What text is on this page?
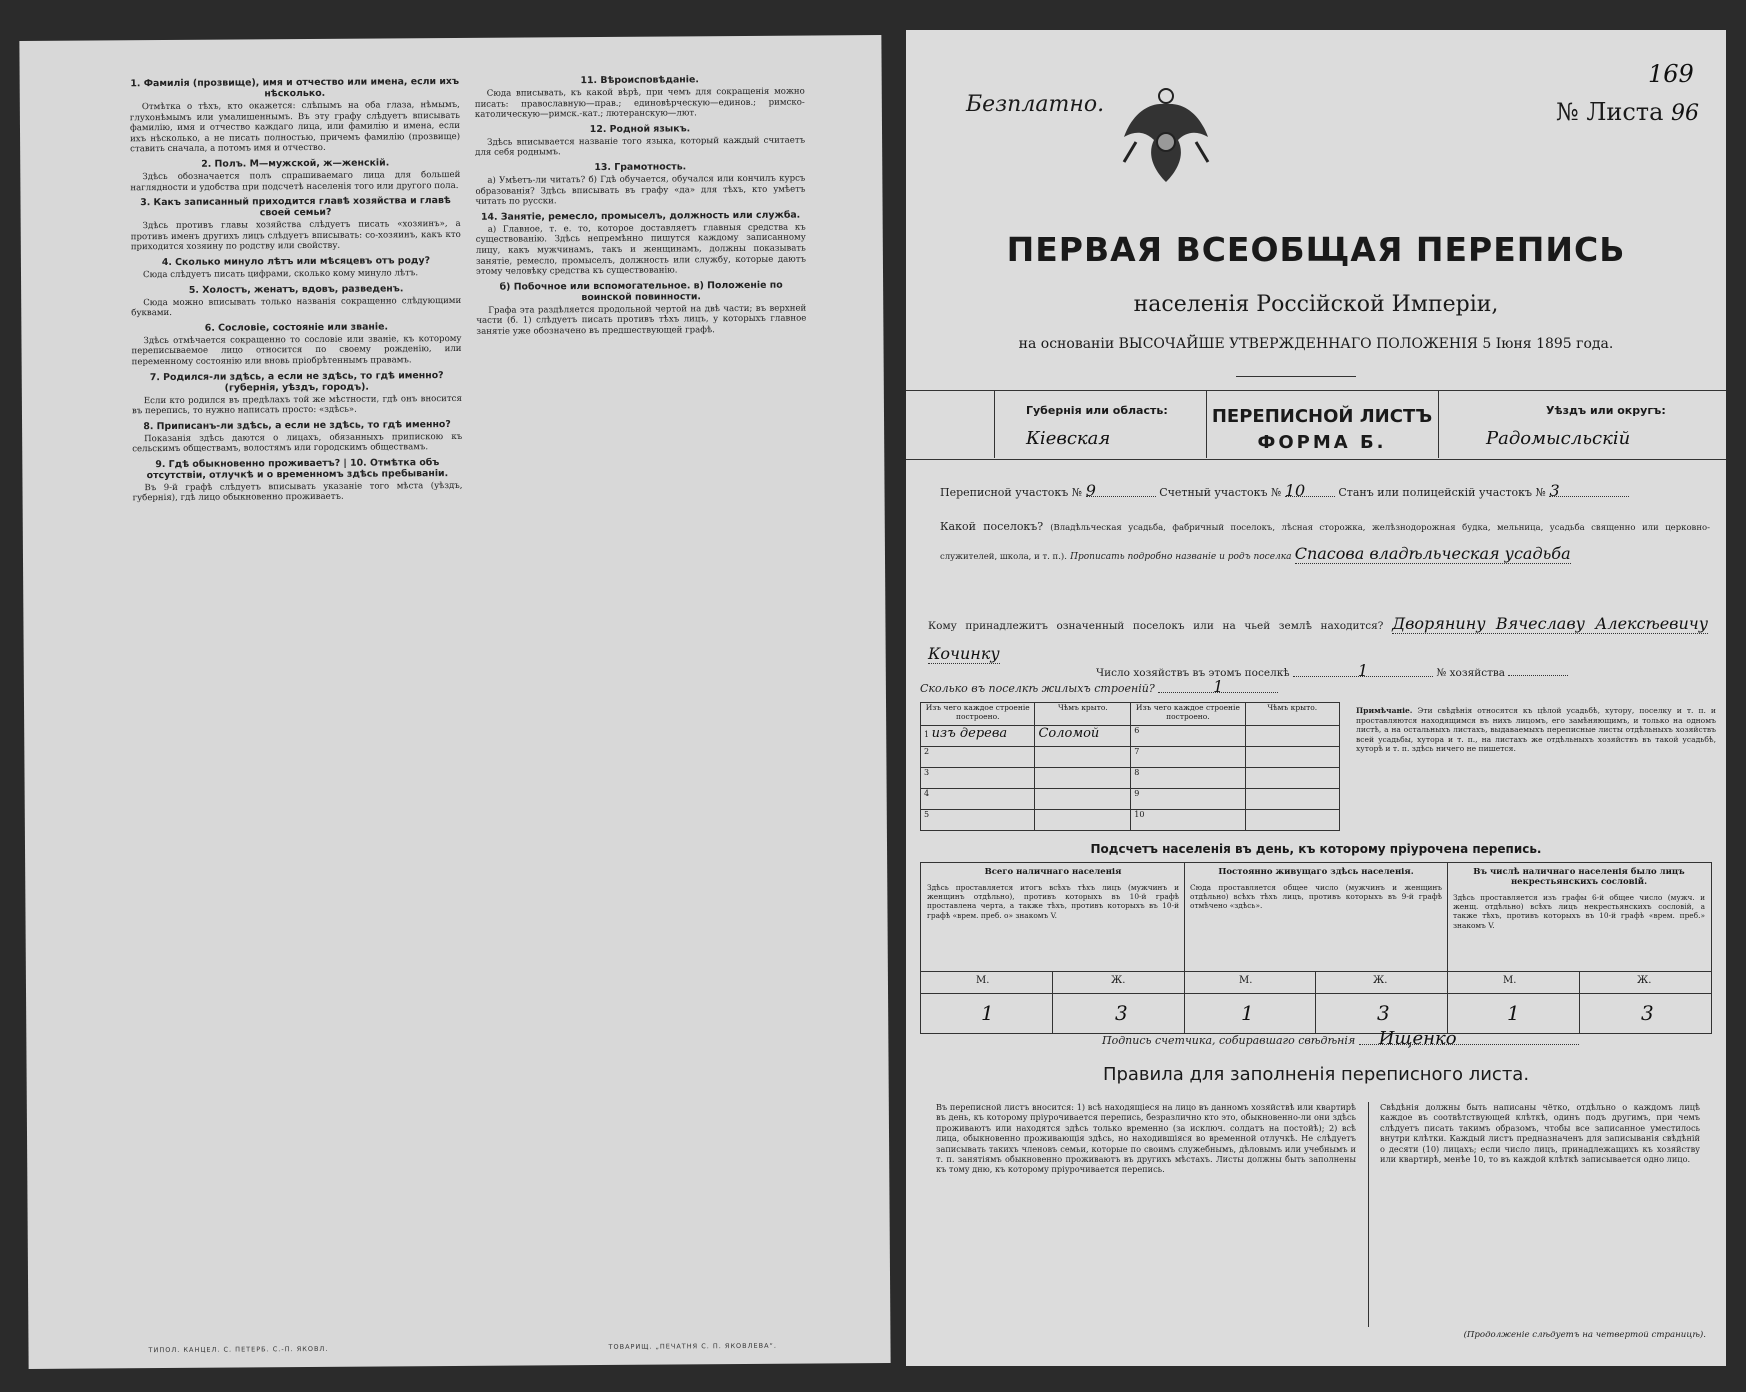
1. Фамилія (прозвище), имя и отчество или имена, если ихъ нѣсколько.

Отмѣтка о тѣхъ, кто окажется: слѣпымъ на оба глаза, нѣмымъ, глухонѣмымъ или умалишеннымъ. Въ эту графу слѣдуетъ вписывать фамилію, имя и отчество каждаго лица, или фамилію и имена, если ихъ нѣсколько, а не писать полностью, причемъ фамилію (прозвище) ставить сначала, а потомъ имя и отчество.

2. Полъ. М—мужской, ж—женскій.

Здѣсь обозначается полъ спрашиваемаго лица для большей наглядности и удобства при подсчетѣ населенія того или другого пола.

3. Какъ записанный приходится главѣ хозяйства и главѣ своей семьи?

Здѣсь противъ главы хозяйства слѣдуетъ писать «хозяинъ», а противъ именъ другихъ лицъ слѣдуетъ вписывать: со-хозяинъ, какъ кто приходится хозяину по родству или свойству.

4. Сколько минуло лѣтъ или мѣсяцевъ отъ роду?

Сюда слѣдуетъ писать цифрами, сколько кому минуло лѣтъ.

5. Холостъ, женатъ, вдовъ, разведенъ.

Сюда можно вписывать только названія сокращенно слѣдующими буквами.

6. Сословіе, состояніе или званіе.

Здѣсь отмѣчается сокращенно то сословіе или званіе, къ которому переписываемое лицо относится по своему рожденію, или переменному состоянію или вновь пріобрѣтеннымъ правамъ.

7. Родился-ли здѣсь, а если не здѣсь, то гдѣ именно? (губернія, уѣздъ, городъ).

Если кто родился въ предѣлахъ той же мѣстности, гдѣ онъ вносится въ перепись, то нужно написать просто: «здѣсь».

8. Приписанъ-ли здѣсь, а если не здѣсь, то гдѣ именно?

Показанія здѣсь даются о лицахъ, обязанныхъ припискою къ сельскимъ обществамъ, волостямъ или городскимъ обществамъ.

9. Гдѣ обыкновенно проживаетъ? | 10. Отмѣтка объ отсутствіи, отлучкѣ и о временномъ здѣсь пребываніи.

Въ 9-й графѣ слѣдуетъ вписывать указаніе того мѣста (уѣздъ, губернія), гдѣ лицо обыкновенно проживаетъ.

11. Вѣроисповѣданіе.

Сюда вписывать, къ какой вѣрѣ, при чемъ для сокращенія можно писать: православную—прав.; единовѣрческую—единов.; римско-католическую—римск.-кат.; лютеранскую—лют.

12. Родной языкъ.

Здѣсь вписывается названіе того языка, который каждый считаетъ для себя роднымъ.

13. Грамотность.

а) Умѣетъ-ли читать? б) Гдѣ обучается, обучался или кончилъ курсъ образованія? Здѣсь вписывать въ графу «да» для тѣхъ, кто умѣетъ читать по русски.

14. Занятіе, ремесло, промыселъ, должность или служба.

а) Главное, т. е. то, которое доставляетъ главныя средства къ существованію. Здѣсь непремѣнно пишутся каждому записанному лицу, какъ мужчинамъ, такъ и женщинамъ, должны показывать занятіе, ремесло, промыселъ, должность или службу, которые даютъ этому человѣку средства къ существованію.

б) Побочное или вспомогательное. в) Положеніе по воинской повинности.

Графа эта раздѣляется продольной чертой на двѣ части; въ верхней части (б. 1) слѣдуетъ писать противъ тѣхъ лицъ, у которыхъ главное занятіе уже обозначено въ предшествующей графѣ.

ТИПОЛ. КАНЦЕЛ. С. ПЕТЕРБ. С.-П. ЯКОВЛ.	ТОВАРИЩ. „ПЕЧАТНЯ С. П. ЯКОВЛЕВА“.
Безплатно.	№ Листа 96
169
ПЕРВАЯ ВСЕОБЩАЯ ПЕРЕПИСЬ
населенія Россійской Имперіи,
на основаніи ВЫСОЧАЙШЕ УТВЕРЖДЕННАГО ПОЛОЖЕНІЯ 5 Іюня 1895 года.
Губернія или область:
Кіевская
ПЕРЕПИСНОЙ ЛИСТЪ
ФОРМА Б.
Уѣздъ или округъ:
Радомысльскій
Переписной участокъ № 9	Счетный участокъ № 10	Станъ или полицейскій участокъ № 3
Какой поселокъ? (Владѣльческая усадьба, фабричный поселокъ, лѣсная сторожка, желѣзнодорожная будка, мельница, усадьба священно или церковно-служителей, школа, и т. п.). Прописать подробно названіе и родъ поселка Спасова владѣльческая усадьба
Кому принадлежитъ означенный поселокъ или на чьей землѣ находится? Дворянину Вячеславу Алексѣевичу Кочинку
Число хозяйствъ въ этомъ поселкѣ	1	№ хозяйства
Сколько въ поселкѣ жилыхъ строеній?	1
Изъ чего каждое строеніе построено.	Чѣмъ крыто.	Изъ чего каждое строеніе построено.	Чѣмъ крыто.
1 изъ дерева	Соломой	6	
2		7	
3		8	
4		9	
5		10	
Примѣчаніе. Эти свѣдѣнія относятся къ цѣлой усадьбѣ, хутору, поселку и т. п. и проставляются находящимся въ нихъ лицомъ, его замѣняющимъ, и только на одномъ листѣ, а на остальныхъ листахъ, выдаваемыхъ переписные листы отдѣльныхъ хозяйствъ всей усадьбы, хутора и т. п., на листахъ же отдѣльныхъ хозяйствъ въ такой усадьбѣ, хуторѣ и т. п. здѣсь ничего не пишется.
Подсчетъ населенія въ день, къ которому пріурочена перепись.
Всего наличнаго населенія
Здѣсь проставляется итогъ всѣхъ тѣхъ лицъ (мужчинъ и женщинъ отдѣльно), противъ которыхъ въ 10-й графѣ проставлена черта, а также тѣхъ, противъ которыхъ въ 10-й графѣ «врем. преб. о» знакомъ V.
Постоянно живущаго здѣсь населенія.
Сюда проставляется общее число (мужчинъ и женщинъ отдѣльно) всѣхъ тѣхъ лицъ, противъ которыхъ въ 9-й графѣ отмѣчено «здѣсь».
Въ числѣ наличнаго населенія было лицъ некрестьянскихъ сословій.
Здѣсь проставляется изъ графы 6-й общее число (мужч. и женщ. отдѣльно) всѣхъ лицъ некрестьянскихъ сословій, а также тѣхъ, противъ которыхъ въ 10-й графѣ «врем. преб.» знакомъ V.
М.	Ж.	М.	Ж.	М.	Ж.
1	3	1	3	1	3
Подпись счетчика, собиравшаго свѣдѣнія Ищенко
Правила для заполненія переписного листа.
Въ переписной листъ вносится: 1) всѣ находящіеся на лицо въ данномъ хозяйствѣ или квартирѣ въ день, къ которому пріурочивается перепись, безразлично кто это, обыкновенно-ли они здѣсь проживаютъ или находятся здѣсь только временно (за исключ. солдатъ на постойѣ); 2) всѣ лица, обыкновенно проживающія здѣсь, но находившіяся во временной отлучкѣ. Не слѣдуетъ записывать такихъ членовъ семьи, которые по своимъ служебнымъ, дѣловымъ или учебнымъ и т. п. занятіямъ обыкновенно проживаютъ въ другихъ мѣстахъ. Листы должны быть заполнены къ тому дню, къ которому пріурочивается перепись.
Свѣдѣнія должны быть написаны чётко, отдѣльно о каждомъ лицѣ каждое въ соотвѣтствующей клѣткѣ, одинъ подъ другимъ, при чемъ слѣдуетъ писать такимъ образомъ, чтобы все записанное уместилось внутри клѣтки. Каждый листъ предназначенъ для записыванія свѣдѣній о десяти (10) лицахъ; если число лицъ, принадлежащихъ къ хозяйству или квартирѣ, менѣе 10, то въ каждой клѣткѣ записывается одно лицо.
(Продолженіе слѣдуетъ на четвертой страницѣ).
